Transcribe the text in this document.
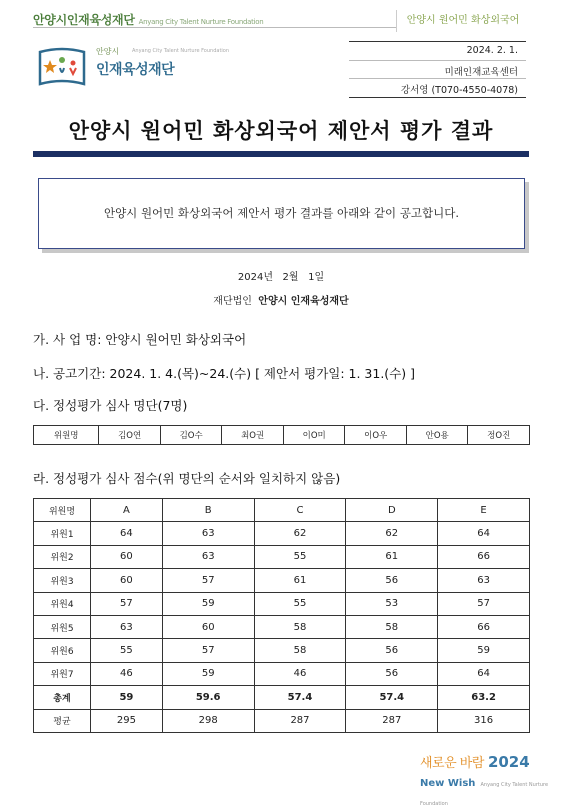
안양시인재육성재단 Anyang City Talent Nurture Foundation	안양시 원어민 화상외국어
안양시	Anyang City Talent Nurture Foundation
인재육성재단
2024. 2. 1.
미래인재교육센터
강서영 (T070-4550-4078)
안양시 원어민 화상외국어 제안서 평가 결과
안양시 원어민 화상외국어 제안서 평가 결과를 아래와 같이 공고합니다.
2024년   2월   1일
재단법인 안양시 인재육성재단
가. 사 업 명: 안양시 원어민 화상외국어
나. 공고기간: 2024. 1. 4.(목)~24.(수) [ 제안서 평가일: 1. 31.(수) ]
다. 정성평가 심사 명단(7명)
위원명	김O연	김O수	최O권	이O미	이O우	안O용	정O진
라. 정성평가 심사 점수(위 명단의 순서와 일치하지 않음)
위원명	A	B	C	D	E
위원1	64	63	62	62	64
위원2	60	63	55	61	66
위원3	60	57	61	56	63
위원4	57	59	55	53	57
위원5	63	60	58	58	66
위원6	55	57	58	56	59
위원7	46	59	46	56	64
총계	59	59.6	57.4	57.4	63.2
평균	295	298	287	287	316
새로운 바람 2024
New Wish Anyang City Talent Nurture Foundation
